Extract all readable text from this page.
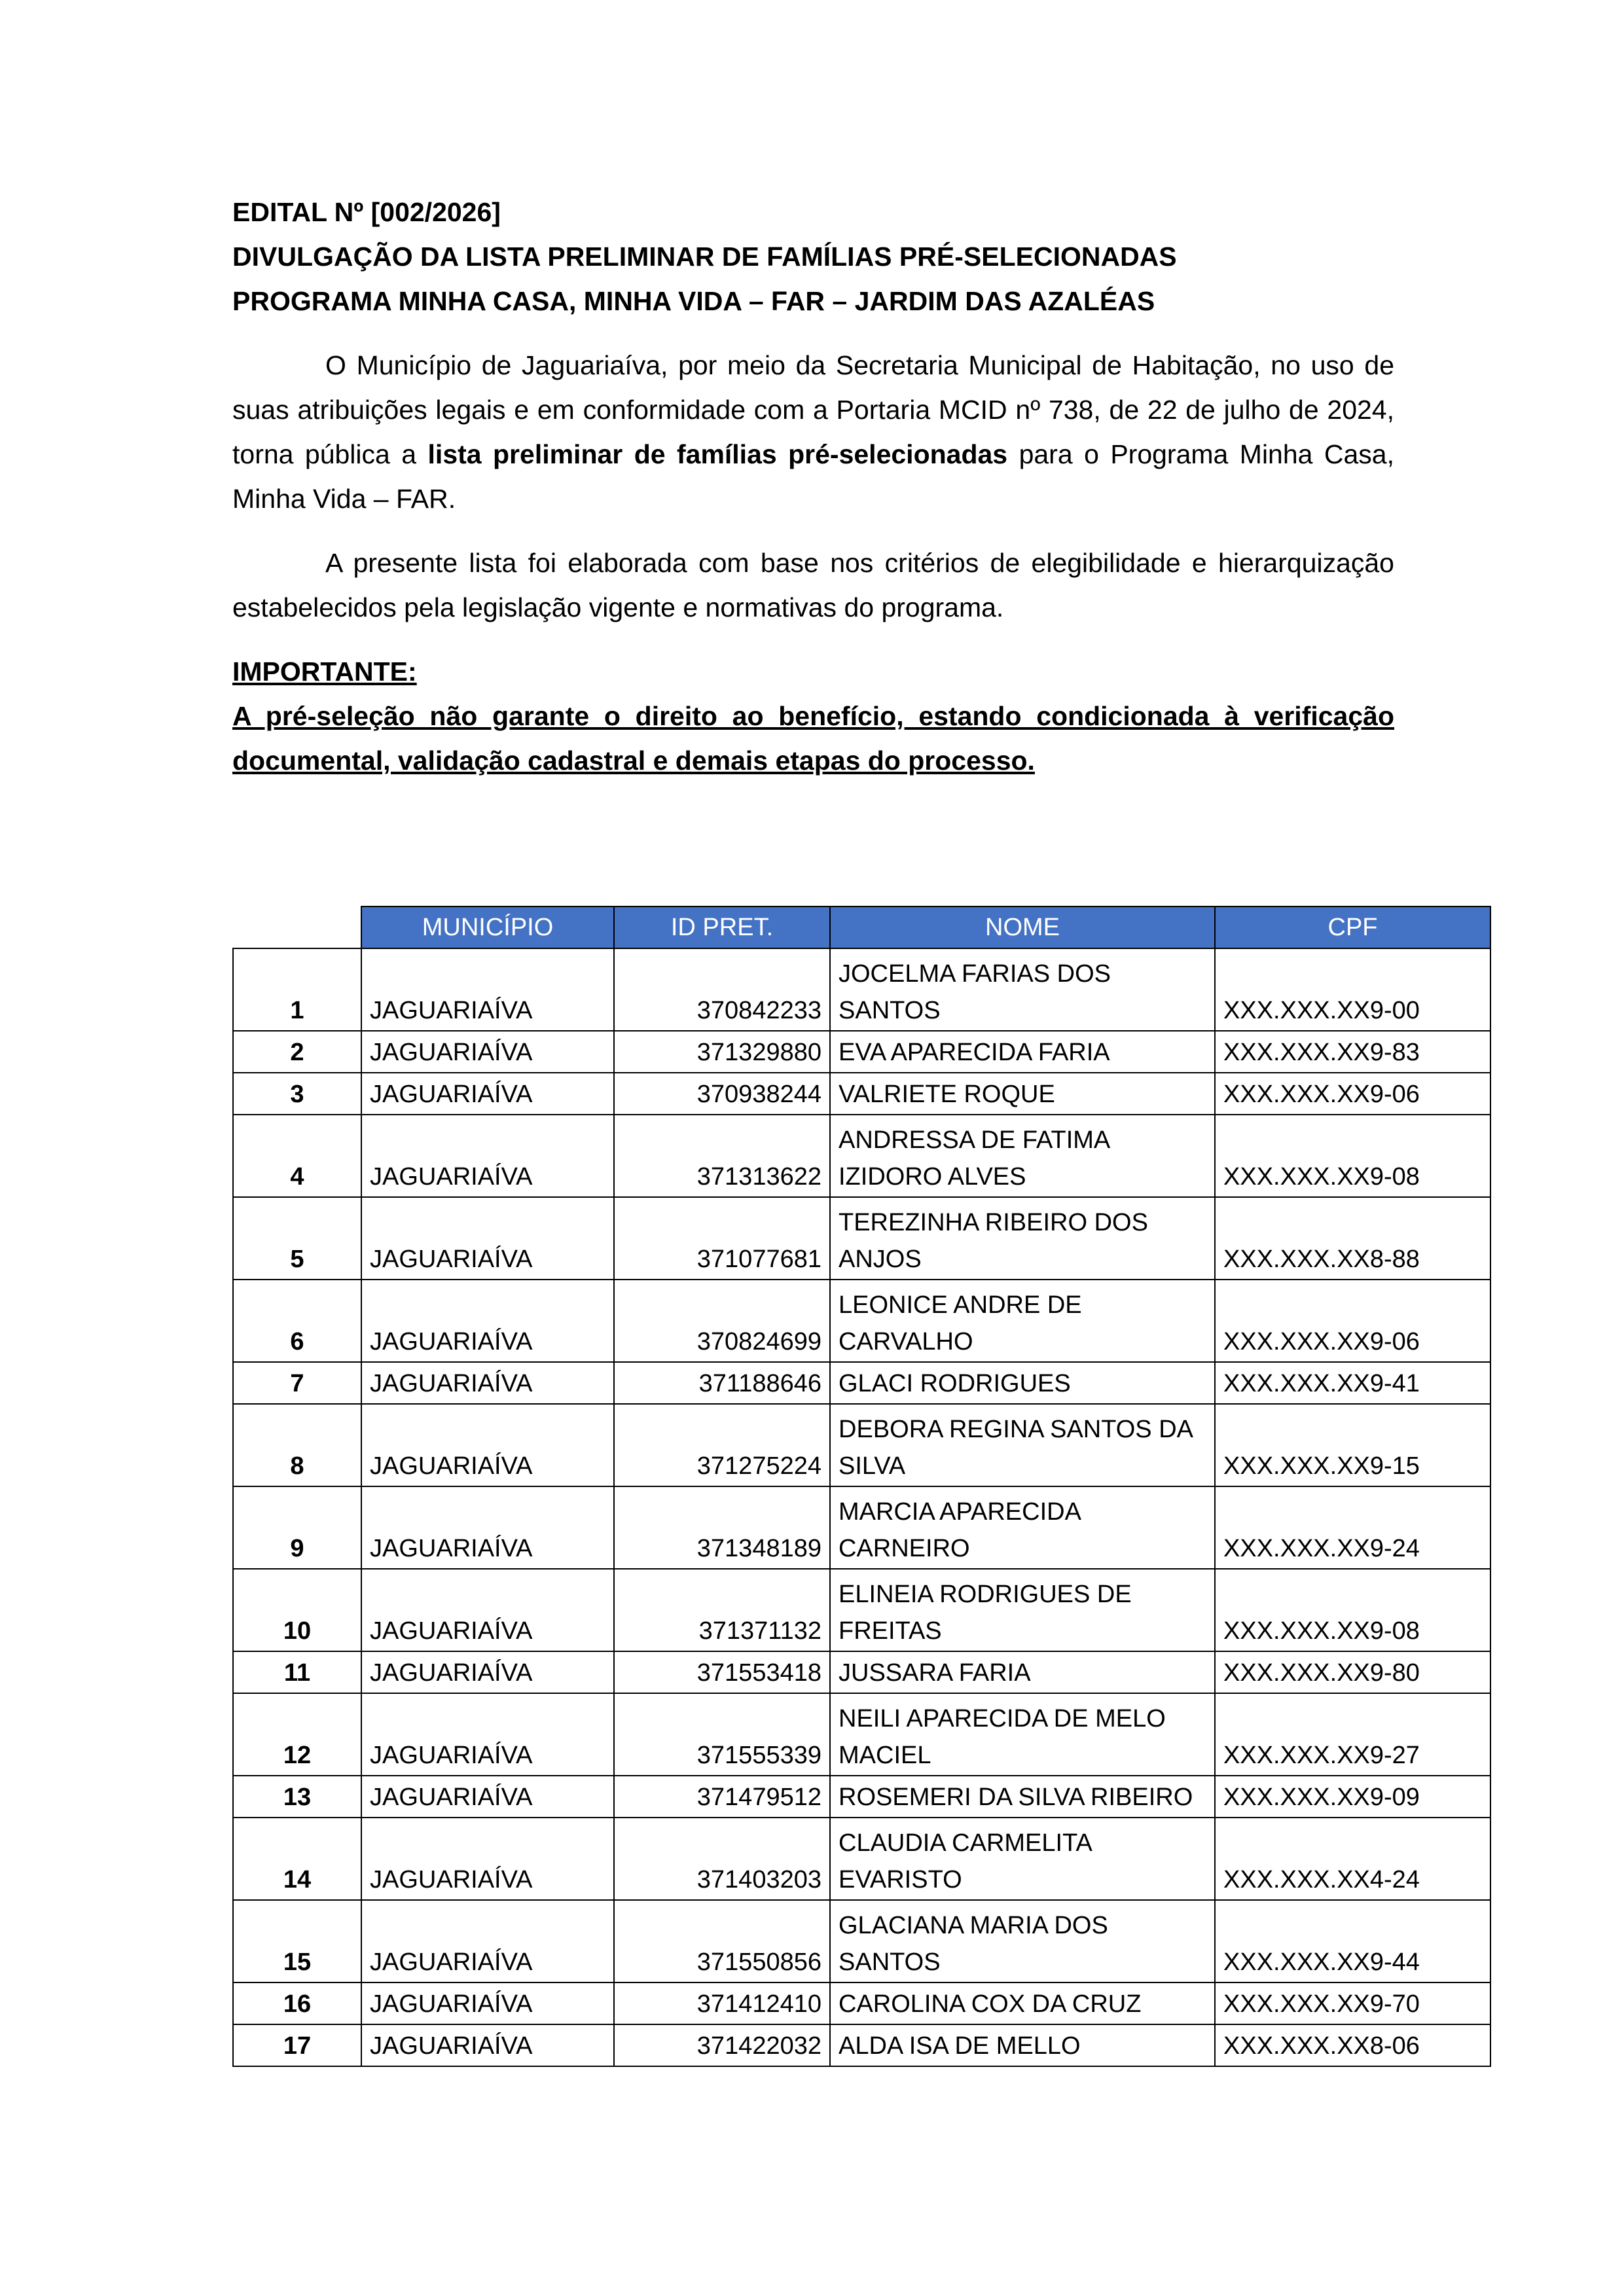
EDITAL Nº [002/2026]
DIVULGAÇÃO DA LISTA PRELIMINAR DE FAMÍLIAS PRÉ-SELECIONADAS
PROGRAMA MINHA CASA, MINHA VIDA – FAR – JARDIM DAS AZALÉAS

O Município de Jaguariaíva, por meio da Secretaria Municipal de Habitação, no uso de suas atribuições legais e em conformidade com a Portaria MCID nº 738, de 22 de julho de 2024, torna pública a lista preliminar de famílias pré-selecionadas para o Programa Minha Casa, Minha Vida – FAR.

A presente lista foi elaborada com base nos critérios de elegibilidade e hierarquização estabelecidos pela legislação vigente e normativas do programa.

IMPORTANTE:

A pré-seleção não garante o direito ao benefício, estando condicionada à verificação documental, validação cadastral e demais etapas do processo.

	MUNICÍPIO	ID PRET.	NOME	CPF
1	JAGUARIAÍVA	370842233	JOCELMA FARIAS DOS SANTOS	XXX.XXX.XX9-00
2	JAGUARIAÍVA	371329880	EVA APARECIDA FARIA	XXX.XXX.XX9-83
3	JAGUARIAÍVA	370938244	VALRIETE ROQUE	XXX.XXX.XX9-06
4	JAGUARIAÍVA	371313622	ANDRESSA DE FATIMA IZIDORO ALVES	XXX.XXX.XX9-08
5	JAGUARIAÍVA	371077681	TEREZINHA RIBEIRO DOS ANJOS	XXX.XXX.XX8-88
6	JAGUARIAÍVA	370824699	LEONICE ANDRE DE CARVALHO	XXX.XXX.XX9-06
7	JAGUARIAÍVA	371188646	GLACI RODRIGUES	XXX.XXX.XX9-41
8	JAGUARIAÍVA	371275224	DEBORA REGINA SANTOS DA SILVA	XXX.XXX.XX9-15
9	JAGUARIAÍVA	371348189	MARCIA APARECIDA CARNEIRO	XXX.XXX.XX9-24
10	JAGUARIAÍVA	371371132	ELINEIA RODRIGUES DE FREITAS	XXX.XXX.XX9-08
11	JAGUARIAÍVA	371553418	JUSSARA FARIA	XXX.XXX.XX9-80
12	JAGUARIAÍVA	371555339	NEILI APARECIDA DE MELO MACIEL	XXX.XXX.XX9-27
13	JAGUARIAÍVA	371479512	ROSEMERI DA SILVA RIBEIRO	XXX.XXX.XX9-09
14	JAGUARIAÍVA	371403203	CLAUDIA CARMELITA EVARISTO	XXX.XXX.XX4-24
15	JAGUARIAÍVA	371550856	GLACIANA MARIA DOS SANTOS	XXX.XXX.XX9-44
16	JAGUARIAÍVA	371412410	CAROLINA COX DA CRUZ	XXX.XXX.XX9-70
17	JAGUARIAÍVA	371422032	ALDA ISA DE MELLO	XXX.XXX.XX8-06
